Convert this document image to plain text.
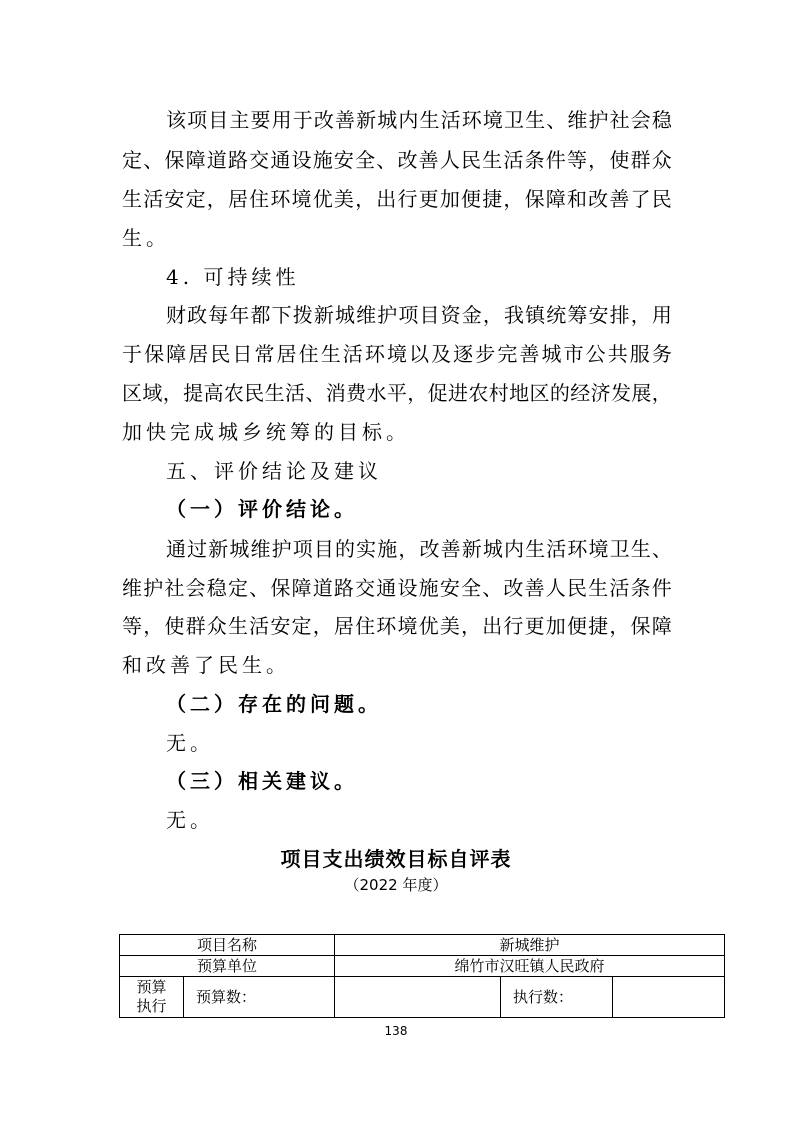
该 项 目 主 要 用 于 改 善 新 城 内 生 活 环 境 卫 生 、 维 护 社 会 稳
定 、 保 障 道 路 交 通 设 施 安 全 、 改 善 人 民 生 活 条 件 等 ， 使 群 众
生 活 安 定 ， 居 住 环 境 优 美 ， 出 行 更 加 便 捷 ， 保 障 和 改 善 了 民
生。
4. 可持续性
财 政 每 年 都 下 拨 新 城 维 护 项 目 资 金 ， 我 镇 统 筹 安 排 ， 用
于 保 障 居 民 日 常 居 住 生 活 环 境 以 及 逐 步 完 善 城 市 公 共 服 务
区 域 ， 提 高 农 民 生 活 、 消 费 水 平 ， 促 进 农 村 地 区 的 经 济 发 展 ，
加快完成城乡统筹的目标。
五、评价结论及建议
（一）评价结论。
通 过 新 城 维 护 项 目 的 实 施 ， 改 善 新 城 内 生 活 环 境 卫 生 、
维 护 社 会 稳 定 、 保 障 道 路 交 通 设 施 安 全 、 改 善 人 民 生 活 条 件
等 ， 使 群 众 生 活 安 定 ， 居 住 环 境 优 美 ， 出 行 更 加 便 捷 ， 保 障
和改善了民生。
（二）存在的问题。
无。
（三）相关建议。
无。
项目支出绩效目标自评表
（2022 年度）
项目名称		新城维护		
预算单位		绵竹市汉旺镇人民政府		
预算
执行	预算数：		执行数：	
138
